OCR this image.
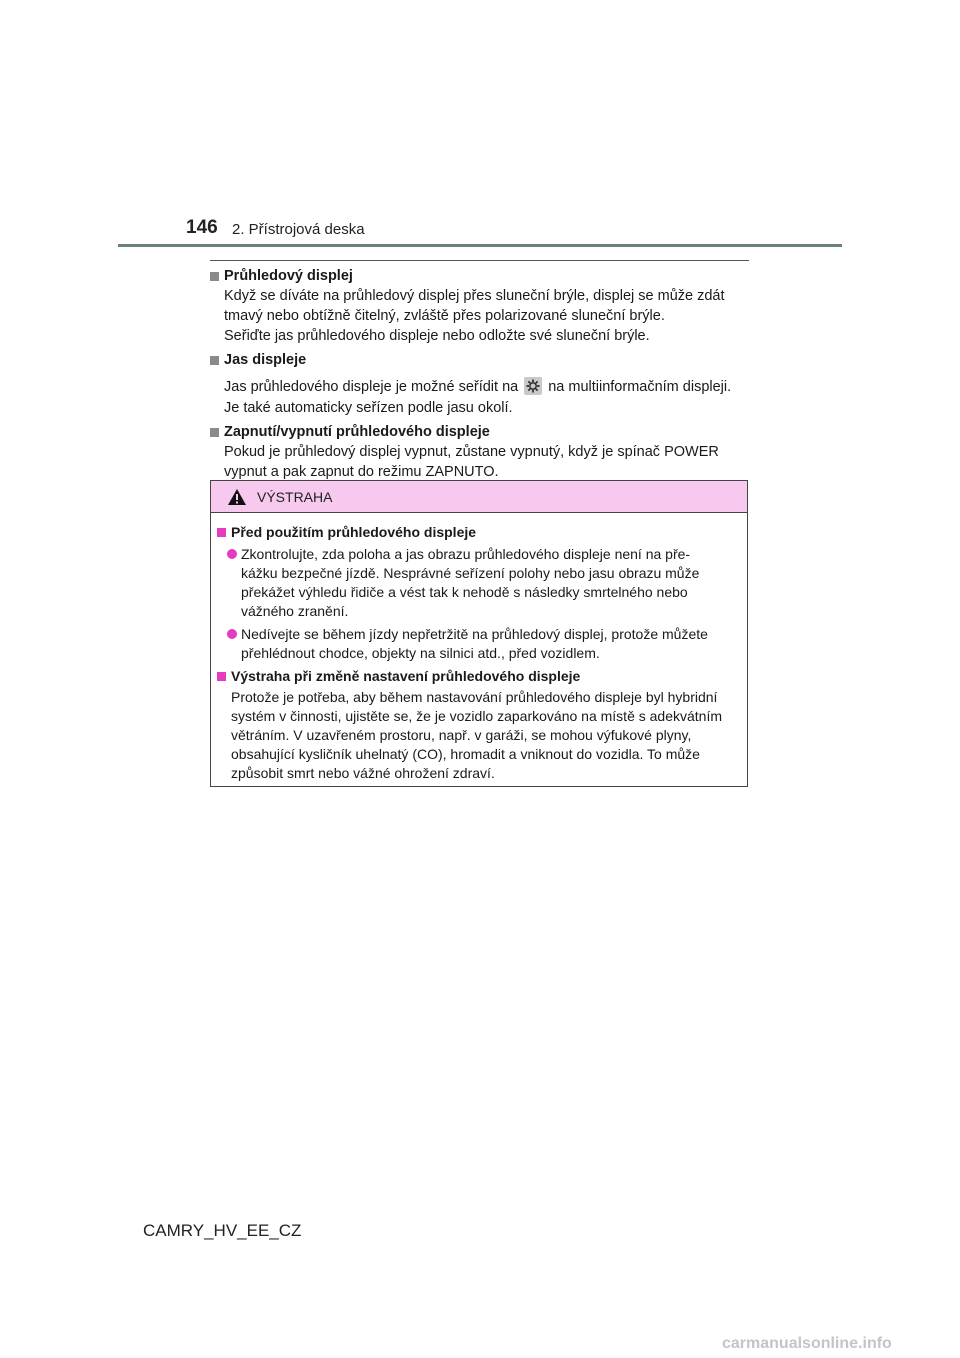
146 2. Přístrojová deska
Průhledový displej
Když se díváte na průhledový displej přes sluneční brýle, displej se může zdát
tmavý nebo obtížně čitelný, zvláště přes polarizované sluneční brýle.
Seřiďte jas průhledového displeje nebo odložte své sluneční brýle.
Jas displeje
Jas průhledového displeje je možné seřídit na na multiinformačním displeji.
Je také automaticky seřízen podle jasu okolí.
Zapnutí/vypnutí průhledového displeje
Pokud je průhledový displej vypnut, zůstane vypnutý, když je spínač POWER
vypnut a pak zapnut do režimu ZAPNUTO.
VÝSTRAHA
Před použitím průhledového displeje
Zkontrolujte, zda poloha a jas obrazu průhledového displeje není na pře-
kážku bezpečné jízdě. Nesprávné seřízení polohy nebo jasu obrazu může
překážet výhledu řidiče a vést tak k nehodě s následky smrtelného nebo
vážného zranění.
Nedívejte se během jízdy nepřetržitě na průhledový displej, protože můžete
přehlédnout chodce, objekty na silnici atd., před vozidlem.
Výstraha při změně nastavení průhledového displeje
Protože je potřeba, aby během nastavování průhledového displeje byl hybridní
systém v činnosti, ujistěte se, že je vozidlo zaparkováno na místě s adekvátním
větráním. V uzavřeném prostoru, např. v garáži, se mohou výfukové plyny,
obsahující kysličník uhelnatý (CO), hromadit a vniknout do vozidla. To může
způsobit smrt nebo vážné ohrožení zdraví.
CAMRY_HV_EE_CZ
carmanualsonline.info
